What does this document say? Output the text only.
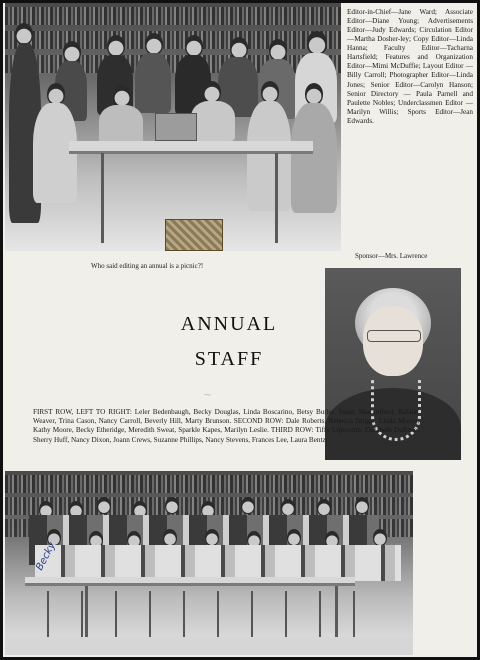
Editor-in-Chief—Jane Ward; Associate Editor—Diane Young; Advertisements Editor—Judy Edwards; Circulation Editor—Martha Dosher-ley; Copy Editor—Linda Hanna; Faculty Editor—Tacharna Hartsfield; Features and Organization Editor—Mimi McDuffie; Layout Editor — Billy Carroll; Photographer Editor—Linda Jones; Senior Editor—Carolyn Hanson; Senior Directory — Paula Parnell and Paulette Nobles; Underclassmen Editor — Marilyn Willis; Sports Editor—Jean Edwards.
Who said editing an annual is a picnic?!
Sponsor—Mrs. Lawrence
ANNUAL
STAFF
~
FIRST ROW, LEFT TO RIGHT: Leler Bedenbaugh, Becky Douglas, Linda Boscarino, Betsy Butler, Susan Shackelford, Rafalar Weaver, Trina Cason, Nancy Carroll, Beverly Hill, Marty Brunson. SECOND ROW: Dale Roberts, Rebecca Briggs, Linda Moore, Kathy Moore, Becky Etheridge, Meredith Sweat, Sparkle Kapes, Marilyn Leslie. THIRD ROW: Tiffy Lipscomb, Elizabeth DuBose, Sherry Huff, Nancy Dixon, Joann Crews, Suzanne Phillips, Nancy Stevens, Frances Lee, Laura Bentz.
Becky
